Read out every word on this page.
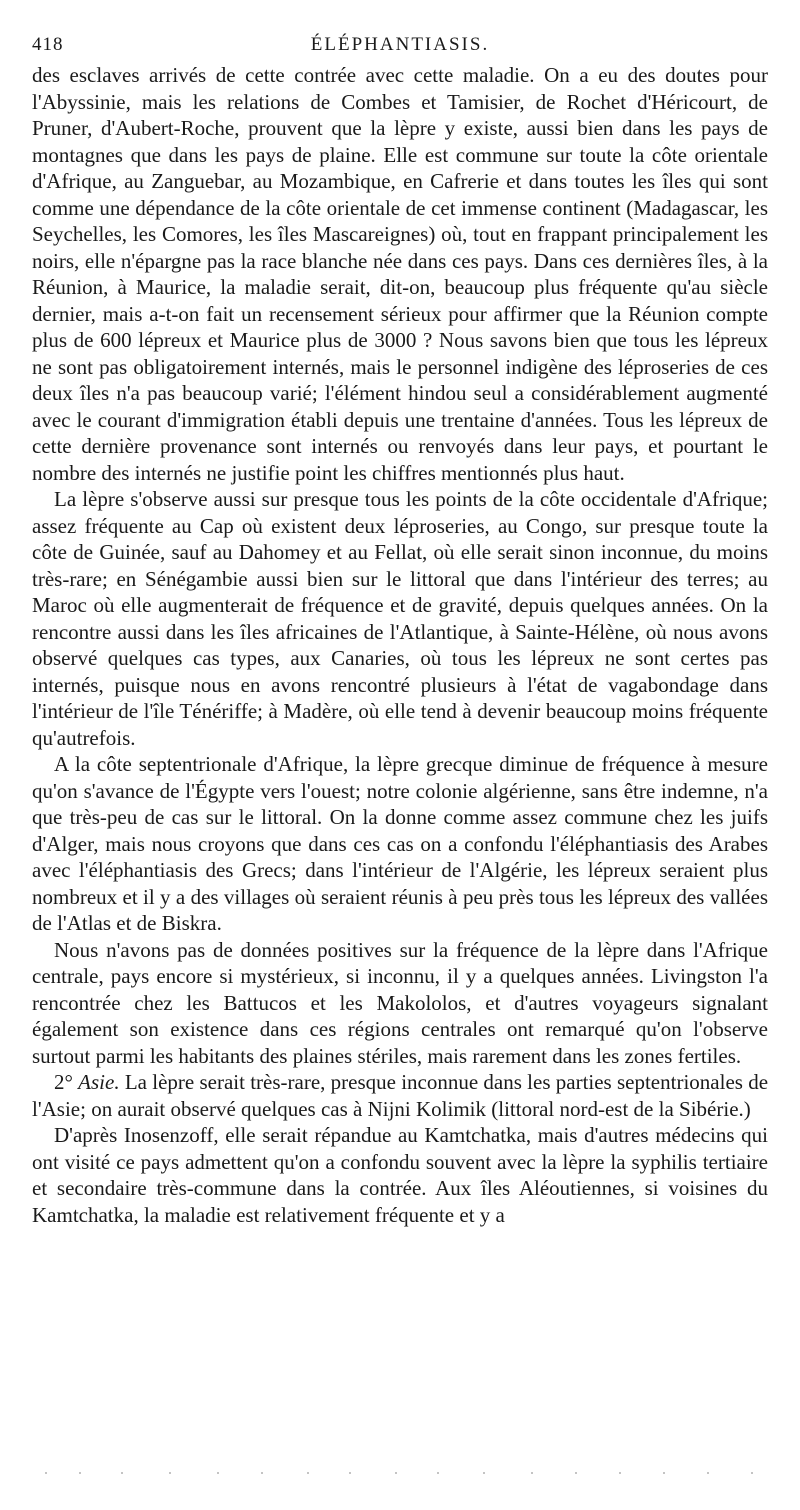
418	ÉLÉPHANTIASIS.

des esclaves arrivés de cette contrée avec cette maladie. On a eu des doutes pour l'Abyssinie, mais les relations de Combes et Tamisier, de Rochet d'Héricourt, de Pruner, d'Aubert-Roche, prouvent que la lèpre y existe, aussi bien dans les pays de montagnes que dans les pays de plaine. Elle est commune sur toute la côte orientale d'Afrique, au Zanguebar, au Mozambique, en Cafrerie et dans toutes les îles qui sont comme une dépendance de la côte orientale de cet immense continent (Madagascar, les Seychelles, les Comores, les îles Mascareignes) où, tout en frappant principalement les noirs, elle n'épargne pas la race blanche née dans ces pays. Dans ces dernières îles, à la Réunion, à Maurice, la maladie serait, dit-on, beaucoup plus fréquente qu'au siècle dernier, mais a-t-on fait un recensement sérieux pour affirmer que la Réunion compte plus de 600 lépreux et Maurice plus de 3000 ? Nous savons bien que tous les lépreux ne sont pas obligatoirement internés, mais le personnel indigène des léproseries de ces deux îles n'a pas beaucoup varié; l'élément hindou seul a considérablement augmenté avec le courant d'immigration établi depuis une trentaine d'années. Tous les lépreux de cette dernière provenance sont internés ou renvoyés dans leur pays, et pourtant le nombre des internés ne justifie point les chiffres mentionnés plus haut.

La lèpre s'observe aussi sur presque tous les points de la côte occidentale d'Afrique; assez fréquente au Cap où existent deux léproseries, au Congo, sur presque toute la côte de Guinée, sauf au Dahomey et au Fellat, où elle serait sinon inconnue, du moins très-rare; en Sénégambie aussi bien sur le littoral que dans l'intérieur des terres; au Maroc où elle augmenterait de fréquence et de gravité, depuis quelques années. On la rencontre aussi dans les îles africaines de l'Atlantique, à Sainte-Hélène, où nous avons observé quelques cas types, aux Canaries, où tous les lépreux ne sont certes pas internés, puisque nous en avons rencontré plusieurs à l'état de vagabondage dans l'intérieur de l'île Ténériffe; à Madère, où elle tend à devenir beaucoup moins fréquente qu'autrefois.

A la côte septentrionale d'Afrique, la lèpre grecque diminue de fréquence à mesure qu'on s'avance de l'Égypte vers l'ouest; notre colonie algérienne, sans être indemne, n'a que très-peu de cas sur le littoral. On la donne comme assez commune chez les juifs d'Alger, mais nous croyons que dans ces cas on a confondu l'éléphantiasis des Arabes avec l'éléphantiasis des Grecs; dans l'intérieur de l'Algérie, les lépreux seraient plus nombreux et il y a des villages où seraient réunis à peu près tous les lépreux des vallées de l'Atlas et de Biskra.

Nous n'avons pas de données positives sur la fréquence de la lèpre dans l'Afrique centrale, pays encore si mystérieux, si inconnu, il y a quelques années. Livingston l'a rencontrée chez les Battucos et les Makololos, et d'autres voyageurs signalant également son existence dans ces régions centrales ont remarqué qu'on l'observe surtout parmi les habitants des plaines stériles, mais rarement dans les zones fertiles.

2° Asie. La lèpre serait très-rare, presque inconnue dans les parties septentrionales de l'Asie; on aurait observé quelques cas à Nijni Kolimik (littoral nord-est de la Sibérie.)

D'après Inosenzoff, elle serait répandue au Kamtchatka, mais d'autres médecins qui ont visité ce pays admettent qu'on a confondu souvent avec la lèpre la syphilis tertiaire et secondaire très-commune dans la contrée. Aux îles Aléoutiennes, si voisines du Kamtchatka, la maladie est relativement fréquente et y a
